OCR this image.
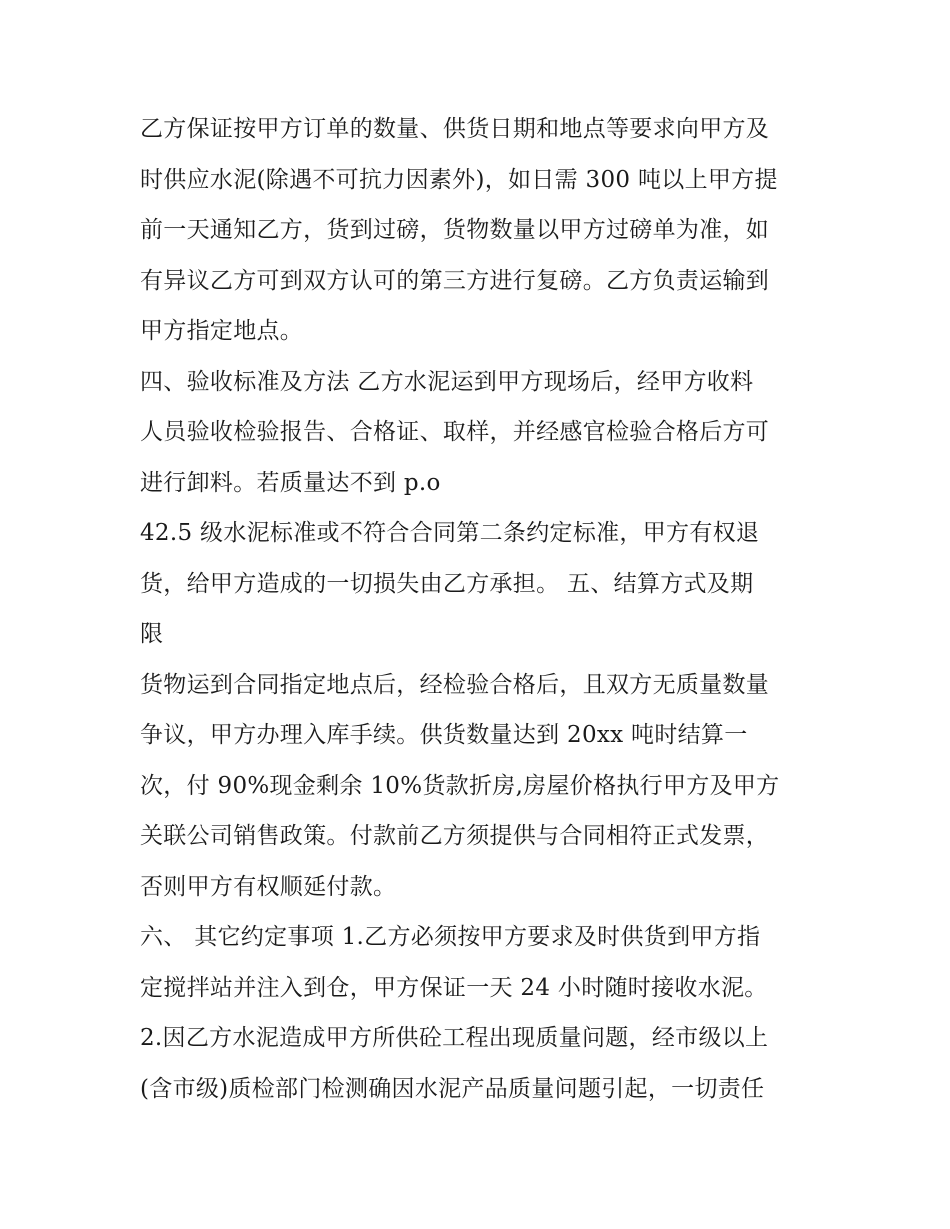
乙方保证按甲方订单的数量、供货日期和地点等要求向甲方及
时供应水泥(除遇不可抗力因素外)，如日需 300 吨以上甲方提
前一天通知乙方，货到过磅，货物数量以甲方过磅单为准，如
有异议乙方可到双方认可的第三方进行复磅。乙方负责运输到
甲方指定地点。
四、验收标准及方法 乙方水泥运到甲方现场后，经甲方收料
人员验收检验报告、合格证、取样，并经感官检验合格后方可
进行卸料。若质量达不到 p.o
42.5 级水泥标准或不符合合同第二条约定标准，甲方有权退
货，给甲方造成的一切损失由乙方承担。 五、结算方式及期
限
货物运到合同指定地点后，经检验合格后，且双方无质量数量
争议，甲方办理入库手续。供货数量达到 20xx 吨时结算一
次，付 90%现金剩余 10%货款折房,房屋价格执行甲方及甲方
关联公司销售政策。付款前乙方须提供与合同相符正式发票，
否则甲方有权顺延付款。
六、 其它约定事项 1.乙方必须按甲方要求及时供货到甲方指
定搅拌站并注入到仓，甲方保证一天 24 小时随时接收水泥。
2.因乙方水泥造成甲方所供砼工程出现质量问题，经市级以上
(含市级)质检部门检测确因水泥产品质量问题引起，一切责任
